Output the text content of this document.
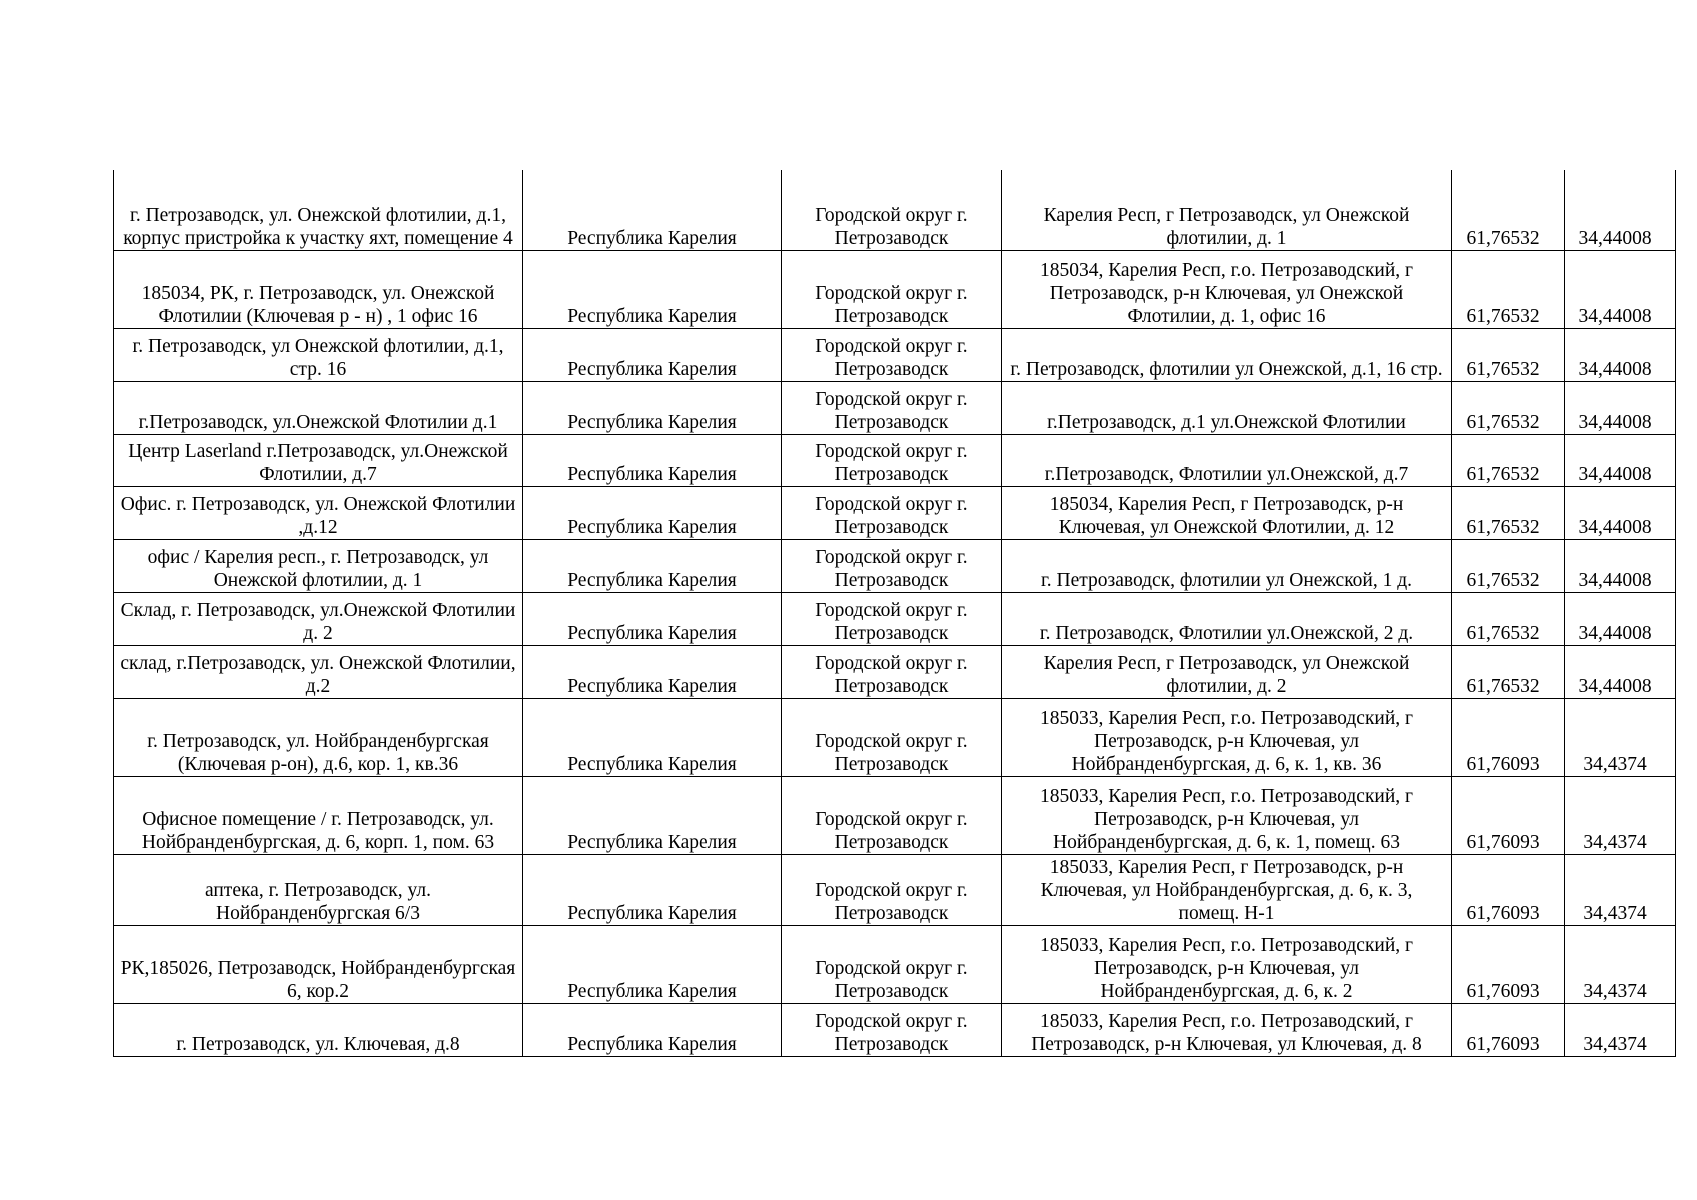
г. Петрозаводск, ул. Онежской флотилии, д.1, корпус пристройка к участку яхт, помещение 4	Республика Карелия	Городской округ г. Петрозаводск	Карелия Респ, г Петрозаводск, ул Онежской флотилии, д. 1	61,76532	34,44008
185034, РК, г. Петрозаводск, ул. Онежской Флотилии (Ключевая р - н) , 1 офис 16	Республика Карелия	Городской округ г. Петрозаводск	185034, Карелия Респ, г.о. Петрозаводский, г Петрозаводск, р-н Ключевая, ул Онежской Флотилии, д. 1, офис 16	61,76532	34,44008
г. Петрозаводск, ул Онежской флотилии, д.1, стр. 16	Республика Карелия	Городской округ г. Петрозаводск	г. Петрозаводск, флотилии ул Онежской, д.1, 16 стр.	61,76532	34,44008
г.Петрозаводск, ул.Онежской Флотилии д.1	Республика Карелия	Городской округ г. Петрозаводск	г.Петрозаводск, д.1 ул.Онежской Флотилии	61,76532	34,44008
Центр Laserland г.Петрозаводск, ул.Онежской Флотилии, д.7	Республика Карелия	Городской округ г. Петрозаводск	г.Петрозаводск, Флотилии ул.Онежской, д.7	61,76532	34,44008
Офис. г. Петрозаводск, ул. Онежской Флотилии ,д.12	Республика Карелия	Городской округ г. Петрозаводск	185034, Карелия Респ, г Петрозаводск, р-н Ключевая, ул Онежской Флотилии, д. 12	61,76532	34,44008
офис / Карелия респ., г. Петрозаводск, ул Онежской флотилии, д. 1	Республика Карелия	Городской округ г. Петрозаводск	г. Петрозаводск, флотилии ул Онежской, 1 д.	61,76532	34,44008
Склад, г. Петрозаводск, ул.Онежской Флотилии д. 2	Республика Карелия	Городской округ г. Петрозаводск	г. Петрозаводск, Флотилии ул.Онежской, 2 д.	61,76532	34,44008
склад, г.Петрозаводск, ул. Онежской Флотилии, д.2	Республика Карелия	Городской округ г. Петрозаводск	Карелия Респ, г Петрозаводск, ул Онежской флотилии, д. 2	61,76532	34,44008
г. Петрозаводск, ул. Нойбранденбургская (Ключевая р-он), д.6, кор. 1, кв.36	Республика Карелия	Городской округ г. Петрозаводск	185033, Карелия Респ, г.о. Петрозаводский, г Петрозаводск, р-н Ключевая, ул Нойбранденбургская, д. 6, к. 1, кв. 36	61,76093	34,4374
Офисное помещение / г. Петрозаводск, ул. Нойбранденбургская, д. 6, корп. 1, пом. 63	Республика Карелия	Городской округ г. Петрозаводск	185033, Карелия Респ, г.о. Петрозаводский, г Петрозаводск, р-н Ключевая, ул Нойбранденбургская, д. 6, к. 1, помещ. 63	61,76093	34,4374
аптека, г. Петрозаводск, ул. Нойбранденбургская 6/3	Республика Карелия	Городской округ г. Петрозаводск	185033, Карелия Респ, г Петрозаводск, р-н Ключевая, ул Нойбранденбургская, д. 6, к. 3, помещ. Н-1	61,76093	34,4374
РК,185026, Петрозаводск, Нойбранденбургская 6, кор.2	Республика Карелия	Городской округ г. Петрозаводск	185033, Карелия Респ, г.о. Петрозаводский, г Петрозаводск, р-н Ключевая, ул Нойбранденбургская, д. 6, к. 2	61,76093	34,4374
г. Петрозаводск, ул. Ключевая, д.8	Республика Карелия	Городской округ г. Петрозаводск	185033, Карелия Респ, г.о. Петрозаводский, г Петрозаводск, р-н Ключевая, ул Ключевая, д. 8	61,76093	34,4374
